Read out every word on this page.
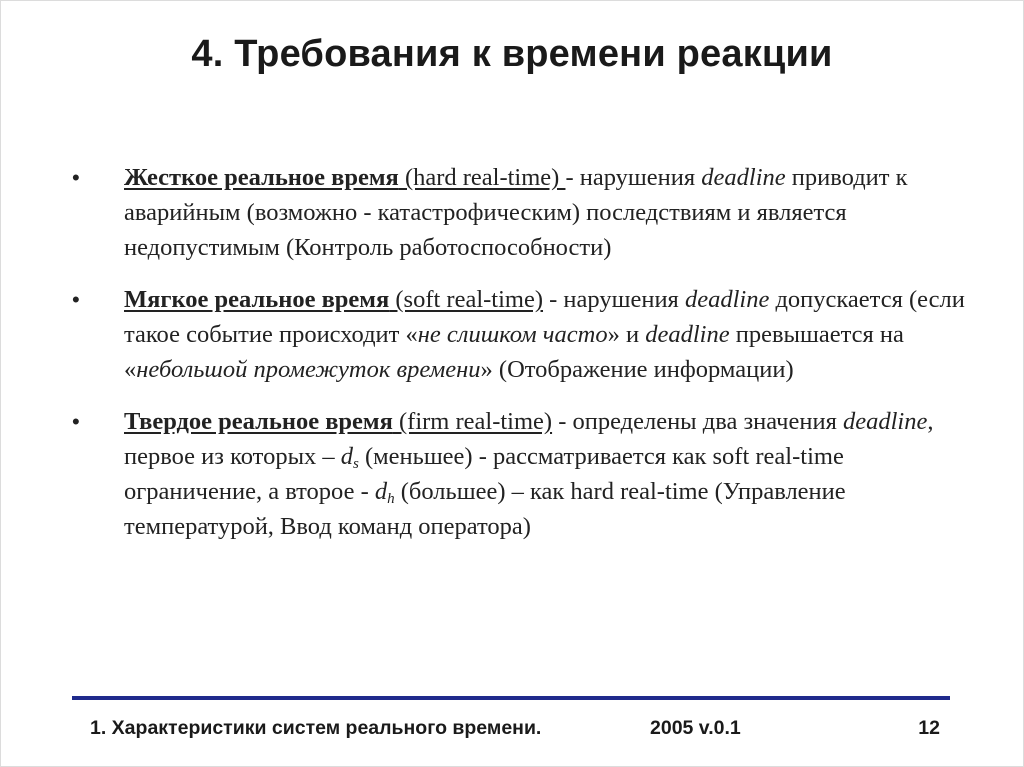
4. Требования к времени реакции
• Жесткое реальное время (hard real-time) - нарушения deadline приводит к аварийным (возможно - катастрофическим) последствиям и является недопустимым (Контроль работоспособности)
• Мягкое реальное время (soft real-time) - нарушения deadline допускается (если такое событие происходит «не слишком часто» и deadline превышается на «небольшой промежуток времени» (Отображение информации)
• Твердое реальное время (firm real-time) - определены два значения deadline, первое из которых – $d_s$ (меньшее) - рассматривается как soft real-time ограничение, а второе - $d_h$ (большее) – как hard real-time (Управление температурой, Ввод команд оператора)
1. Характеристики систем реального времени.	2005 v.0.1	12
